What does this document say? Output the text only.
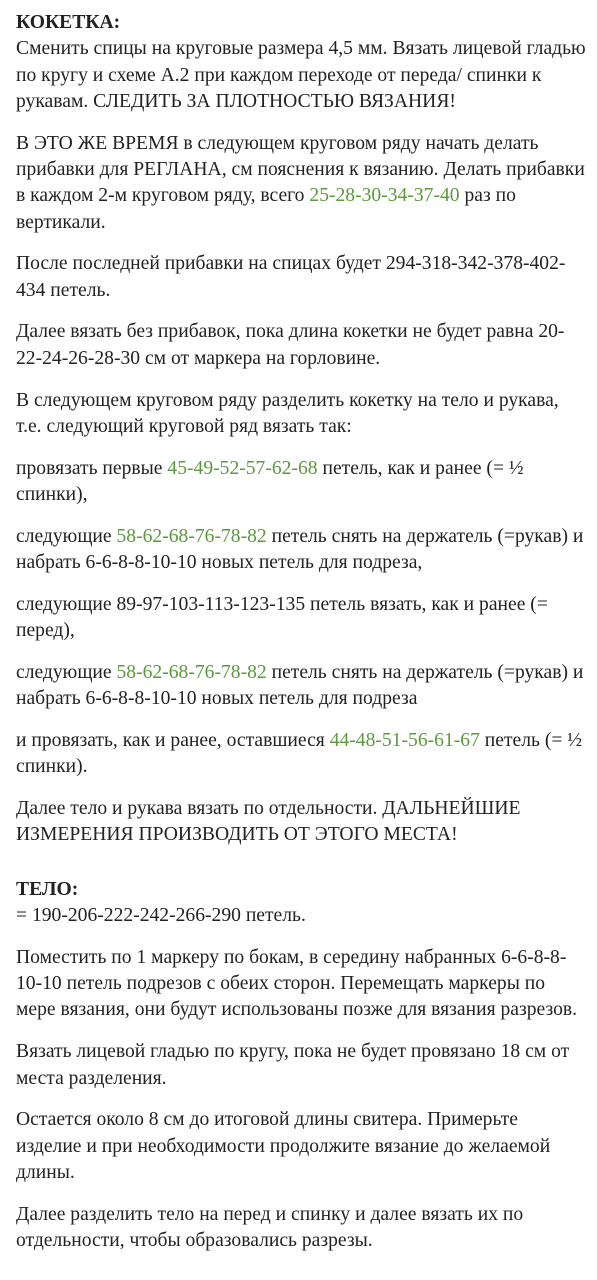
КОКЕТКА:

Сменить спицы на круговые размера 4,5 мм. Вязать лицевой гладью по кругу и схеме А.2 при каждом переходе от переда/ спинки к рукавам. СЛЕДИТЬ ЗА ПЛОТНОСТЬЮ ВЯЗАНИЯ!

В ЭТО ЖЕ ВРЕМЯ в следующем круговом ряду начать делать прибавки для РЕГЛАНА, см пояснения к вязанию. Делать прибавки в каждом 2-м круговом ряду, всего 25-28-30-34-37-40 раз по вертикали.

После последней прибавки на спицах будет 294-318-342-378-402-434 петель.

Далее вязать без прибавок, пока длина кокетки не будет равна 20-22-24-26-28-30 см от маркера на горловине.

В следующем круговом ряду разделить кокетку на тело и рукава, т.е. следующий круговой ряд вязать так:

провязать первые 45-49-52-57-62-68 петель, как и ранее (= ½ спинки),

следующие 58-62-68-76-78-82 петель снять на держатель (=рукав) и набрать 6-6-8-8-10-10 новых петель для подреза,

следующие 89-97-103-113-123-135 петель вязать, как и ранее (= перед),

следующие 58-62-68-76-78-82 петель снять на держатель (=рукав) и набрать 6-6-8-8-10-10 новых петель для подреза

и провязать, как и ранее, оставшиеся 44-48-51-56-61-67 петель (= ½ спинки).

Далее тело и рукава вязать по отдельности. ДАЛЬНЕЙШИЕ ИЗМЕРЕНИЯ ПРОИЗВОДИТЬ ОТ ЭТОГО МЕСТА!

ТЕЛО:

= 190-206-222-242-266-290 петель.

Поместить по 1 маркеру по бокам, в середину набранных 6-6-8-8-10-10 петель подрезов с обеих сторон. Перемещать маркеры по мере вязания, они будут использованы позже для вязания разрезов.

Вязать лицевой гладью по кругу, пока не будет провязано 18 см от места разделения.

Остается около 8 см до итоговой длины свитера. Примерьте изделие и при необходимости продолжите вязание до желаемой длины.

Далее разделить тело на перед и спинку и далее вязать их по отдельности, чтобы образовались разрезы.
